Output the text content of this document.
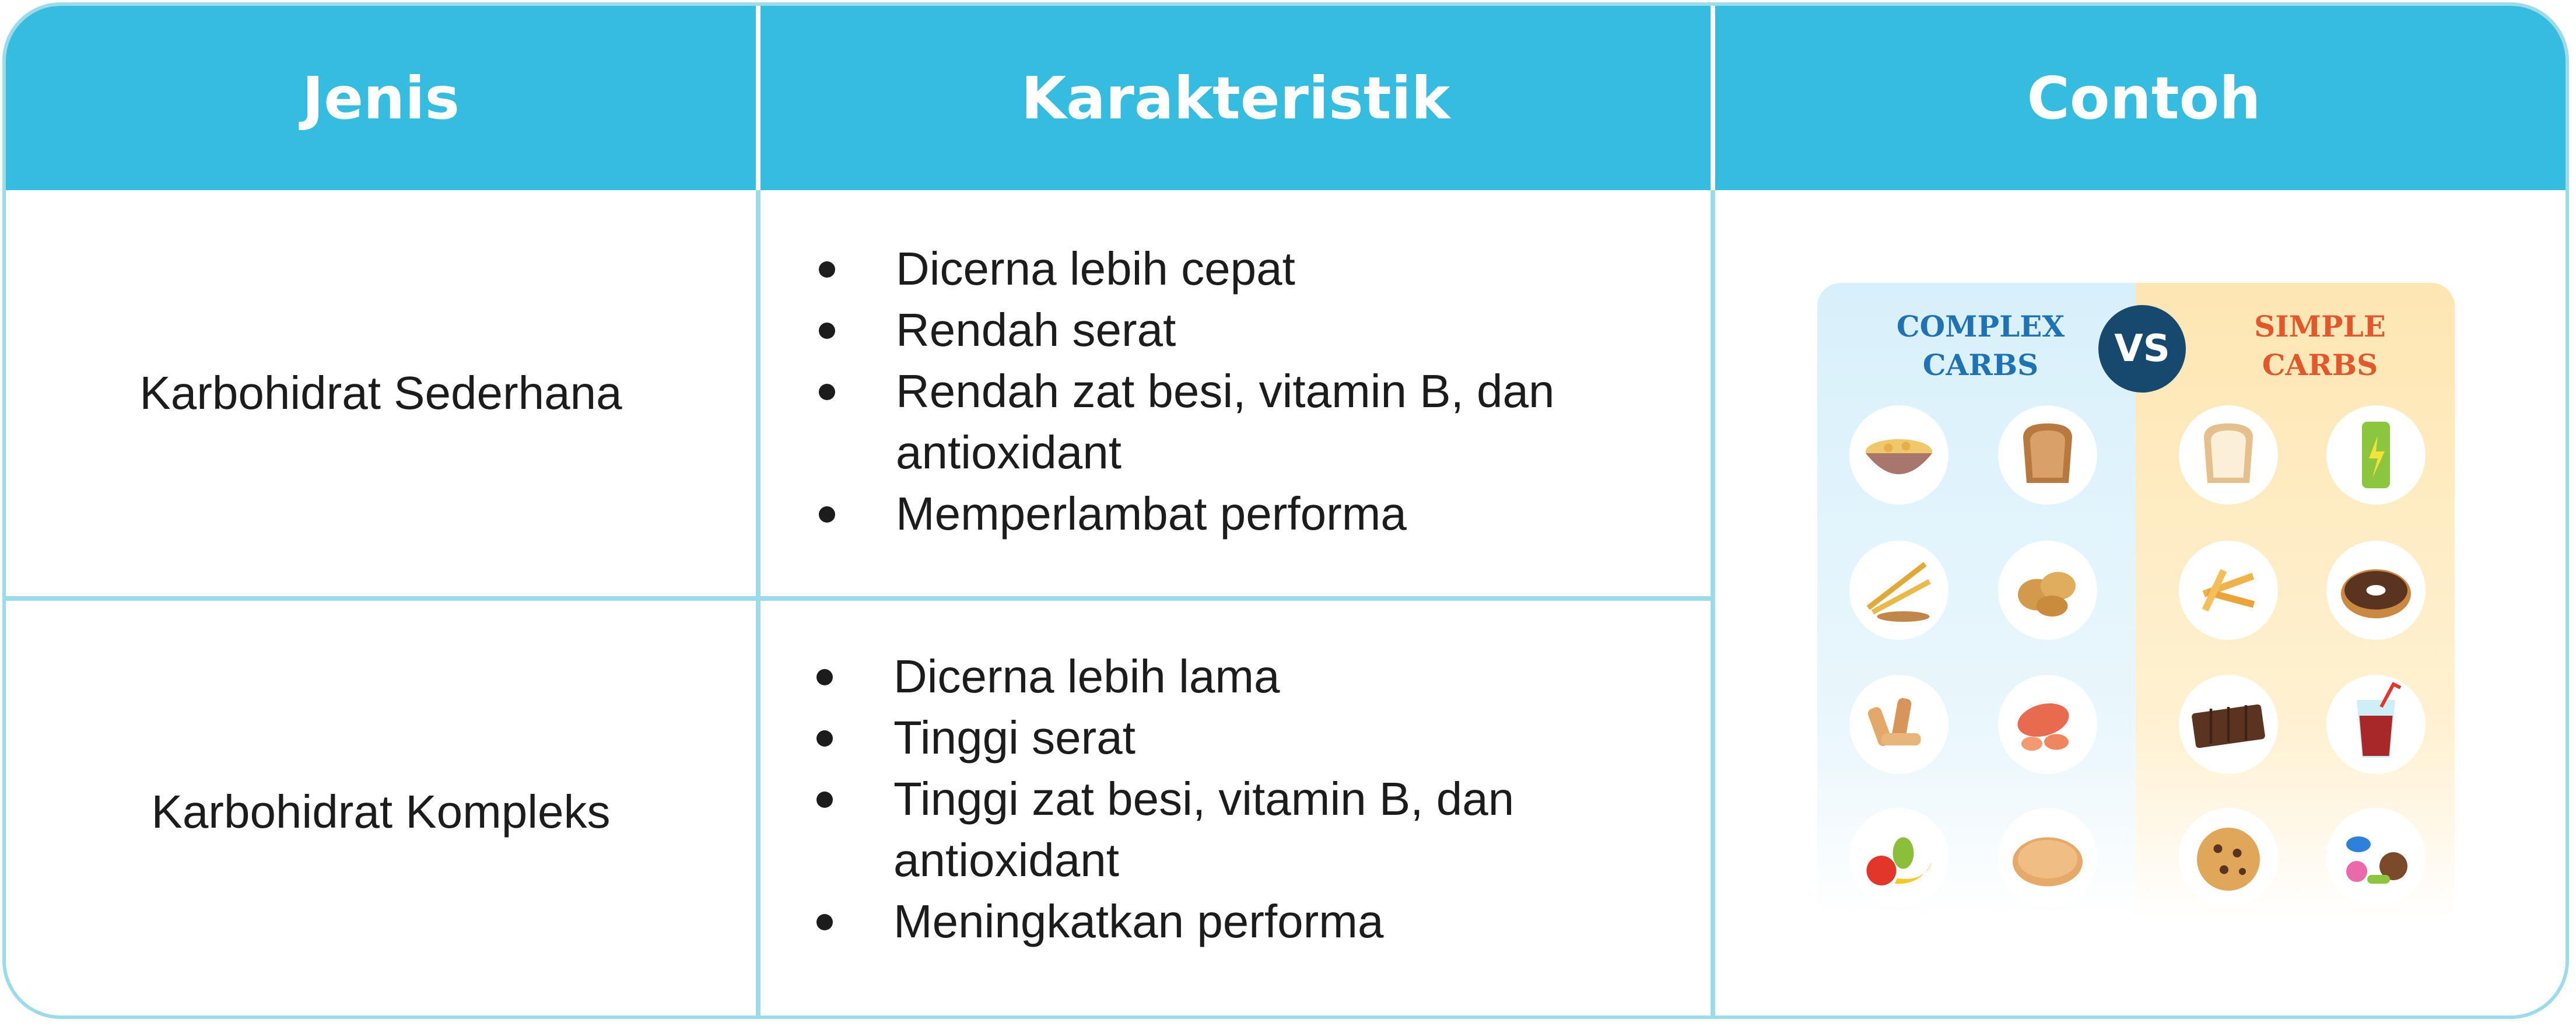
Jenis	Karakteristik	Contoh
Karbohidrat Sederhana
Dicerna lebih cepat
Rendah serat
Rendah zat besi, vitamin B, dan antioxidant
Memperlambat performa
Karbohidrat Kompleks
Dicerna lebih lama
Tinggi serat
Tinggi zat besi, vitamin B, dan antioxidant
Meningkatkan performa
COMPLEX CARBS
SIMPLE CARBS
VS
